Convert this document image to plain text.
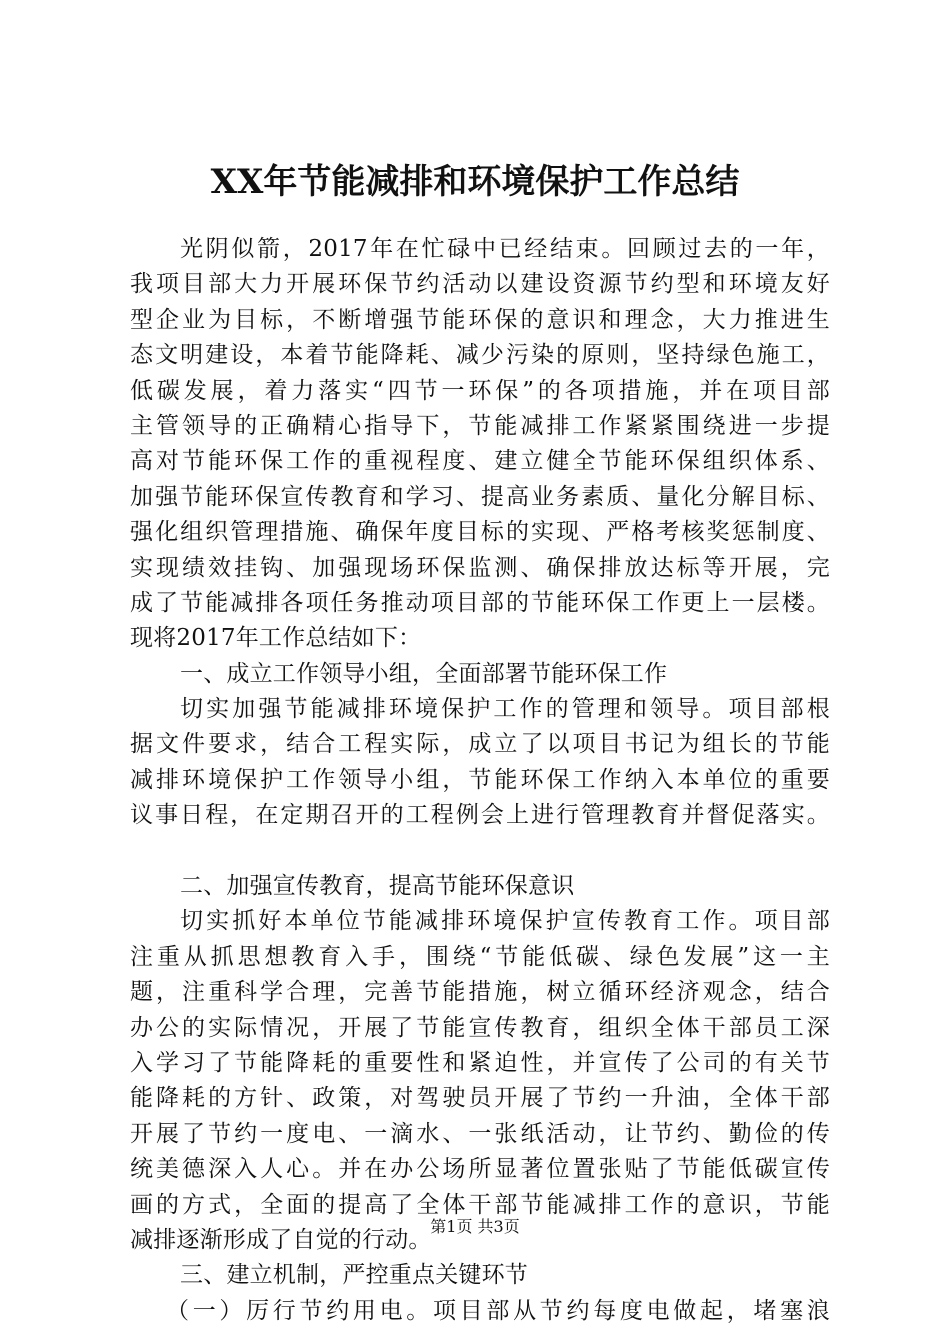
XX年节能减排和环境保护工作总结
光阴似箭，2017年在忙碌中已经结束。回顾过去的一年，
我项目部大力开展环保节约活动以建设资源节约型和环境友好
型企业为目标，不断增强节能环保的意识和理念，大力推进生
态文明建设，本着节能降耗、减少污染的原则，坚持绿色施工，
低碳发展，着力落实“四节一环保”的各项措施，并在项目部
主管领导的正确精心指导下，节能减排工作紧紧围绕进一步提
高对节能环保工作的重视程度、建立健全节能环保组织体系、
加强节能环保宣传教育和学习、提高业务素质、量化分解目标、
强化组织管理措施、确保年度目标的实现、严格考核奖惩制度、
实现绩效挂钩、加强现场环保监测、确保排放达标等开展，完
成了节能减排各项任务推动项目部的节能环保工作更上一层楼。
现将2017年工作总结如下：
一、成立工作领导小组，全面部署节能环保工作
切实加强节能减排环境保护工作的管理和领导。项目部根
据文件要求，结合工程实际，成立了以项目书记为组长的节能
减排环境保护工作领导小组，节能环保工作纳入本单位的重要
议事日程，在定期召开的工程例会上进行管理教育并督促落实。
二、加强宣传教育，提高节能环保意识
切实抓好本单位节能减排环境保护宣传教育工作。项目部
注重从抓思想教育入手，围绕“节能低碳、绿色发展”这一主
题，注重科学合理，完善节能措施，树立循环经济观念，结合
办公的实际情况，开展了节能宣传教育，组织全体干部员工深
入学习了节能降耗的重要性和紧迫性，并宣传了公司的有关节
能降耗的方针、政策，对驾驶员开展了节约一升油，全体干部
开展了节约一度电、一滴水、一张纸活动，让节约、勤俭的传
统美德深入人心。并在办公场所显著位置张贴了节能低碳宣传
画的方式，全面的提高了全体干部节能减排工作的意识，节能
减排逐渐形成了自觉的行动。
三、建立机制，严控重点关键环节
（一）厉行节约用电。项目部从节约每度电做起，堵塞浪
第1页 共3页
